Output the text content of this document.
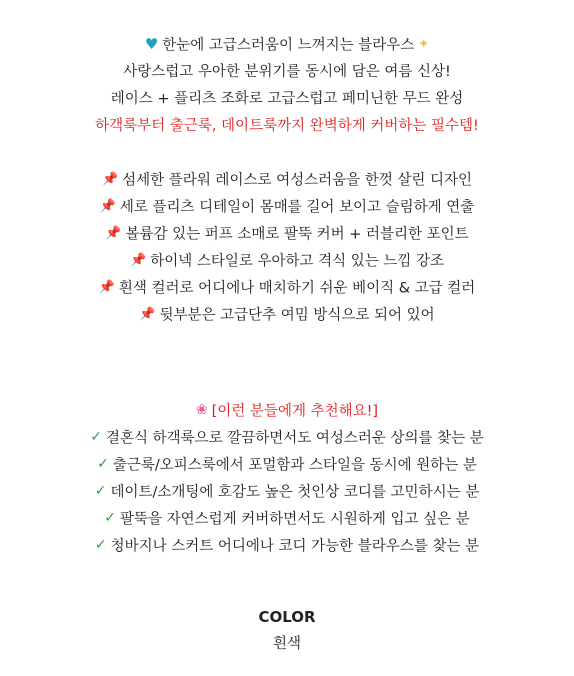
♥ 한눈에 고급스러움이 느껴지는 블라우스 ✦
사랑스럽고 우아한 분위기를 동시에 담은 여름 신상!
레이스 + 플리츠 조화로 고급스럽고 페미닌한 무드 완성
하객룩부터 출근룩, 데이트룩까지 완벽하게 커버하는 필수템!
📌 섬세한 플라워 레이스로 여성스러움을 한껏 살린 디자인
📌 세로 플리츠 디테일이 몸매를 길어 보이고 슬림하게 연출
📌 볼륨감 있는 퍼프 소매로 팔뚝 커버 + 러블리한 포인트
📌 하이넥 스타일로 우아하고 격식 있는 느낌 강조
📌 흰색 컬러로 어디에나 매치하기 쉬운 베이직 & 고급 컬러
📌 뒷부분은 고급단추 여밈 방식으로 되어 있어
❀ [이런 분들에게 추천해요!]
✓ 결혼식 하객룩으로 깔끔하면서도 여성스러운 상의를 찾는 분
✓ 출근룩/오피스룩에서 포멀함과 스타일을 동시에 원하는 분
✓ 데이트/소개팅에 호감도 높은 첫인상 코디를 고민하시는 분
✓ 팔뚝을 자연스럽게 커버하면서도 시원하게 입고 싶은 분
✓ 청바지나 스커트 어디에나 코디 가능한 블라우스를 찾는 분
COLOR
흰색
